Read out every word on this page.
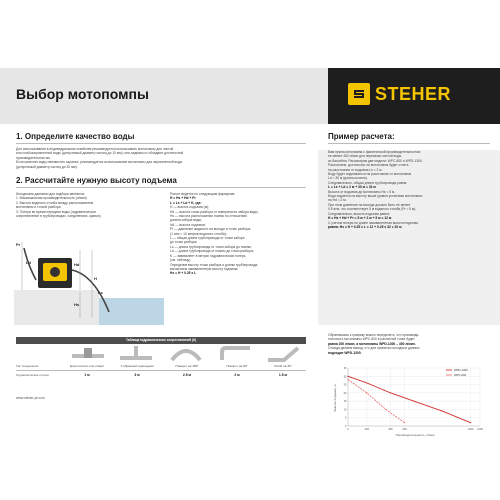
Выбор мотопомпы	STEHER
1. Определите качество воды
Для использования в индивидуальном хозяйстве рекомендуется использовать мотопомпы для чистой
или слабозагрязненной воды (допустимый диаметр частиц до 10 мм): они надежны и обладают достаточной
производительностью.
Если качество воды неизвестно заранее, рекомендуется использование мотопомпы для загрязненной воды
(допустимый диаметр частиц до 30 мм).
2. Рассчитайте нужную высоту подъема
Исходными данными для подбора являются:
1. Максимальная производительность (л/мин)
2. Высота водяного столба между расположением
мотопомпы и точкой разбора
3. Потери во время передачи воды (гидравлическое
сопротивление в трубопроводах, соединениях, кранах)
Расчет ведется по следующим формулам:
H = Hs + Hd + Pr
L = Ls + Ld + K, где:
H — высота подъема (м);
Hd — высота точки разбора от поверхности забора воды;
Hs — высота расположения помпы по отношению
уровня забора воды;
Hd — высота подъема;
Pr — давление жидкости на выходе в точке разбора
(1 атм = 10 метров водяного столба);
L — общая длина трубопровода от точки забора
до точки разбора;
Ls — длина трубопровода от точки забора до помпы;
Ld — длина трубопровода от помпы до точки разбора;
K — эквивалент в метрах гидравлических потерь
(см. таблицу).
Определив высоту точки разбора и длины трубопровода,
вычисляем эквивалентную высоту подъема:
Hэ = H + 0.25 x L
Pr
Ld	Hd
H
Hs
Ls
Таблица гидравлических сопротивлений (К)
Тип соединения
Гидравлические потери
Кран полного или отверт	Т-образный переходник	Поворот на 180°	Поворот на 90°	Изгиб на 45°
1 м	3 м	2.5 м	2 м	1.5 м
www.steher-pt.com
Пример расчета:
Вам нужна мотопомпа с фактической производительностью
не менее 450 л/мин для перекачки чистой воды
из бассейна. Рассмотрим две модели: WPC-600 и WPD-1300.
Рассчитаем, достаточно ли мотопомпы будет стоять
на расстоянии от водоема Ls = 2 м.
Воду будет подниматься на расстояние от мотопомпы
Ld = 30 м (длина шланга).
Следовательно, общая длина трубопровода равна:
L = Ls + Ld = 2 м + 30 м = 32 м
Высота от водоема до мотопомпы Hs = 5 м.
Вода подается на высоту выше уровня установки мотопомпы
на Hd = 2 м.
При этом давление на выходе должно быть не менее
0.5 атм, что соответствует 5 м водяного столба (Pr = 5 м).
Следовательно, высота подъема равна:
H = Hs + Hd + Pr = 5 м + 2 м + 5 м = 12 м
С учетом потерь по длине эквивалентная высота подъема
равна: Hэ = H + 0.25 x L = 12 + 0.25 x 32 = 20 м
Обратившись к графику можно определить, что производи-
тельность мотопомпы WPC-600 в расчетной точке будет
равна 200 л/мин, а мотопомпы WPD-1300 – 450 л/мин.
Отсюда делаем вывод, что для принятых исходных данных
подходит WPD-1300.
0
5
10
15
20
25
30
35
0	200	450	600	1300 1400
Высота подъема, м
Производительность, л/мин
WPD-1300
WPC-600
